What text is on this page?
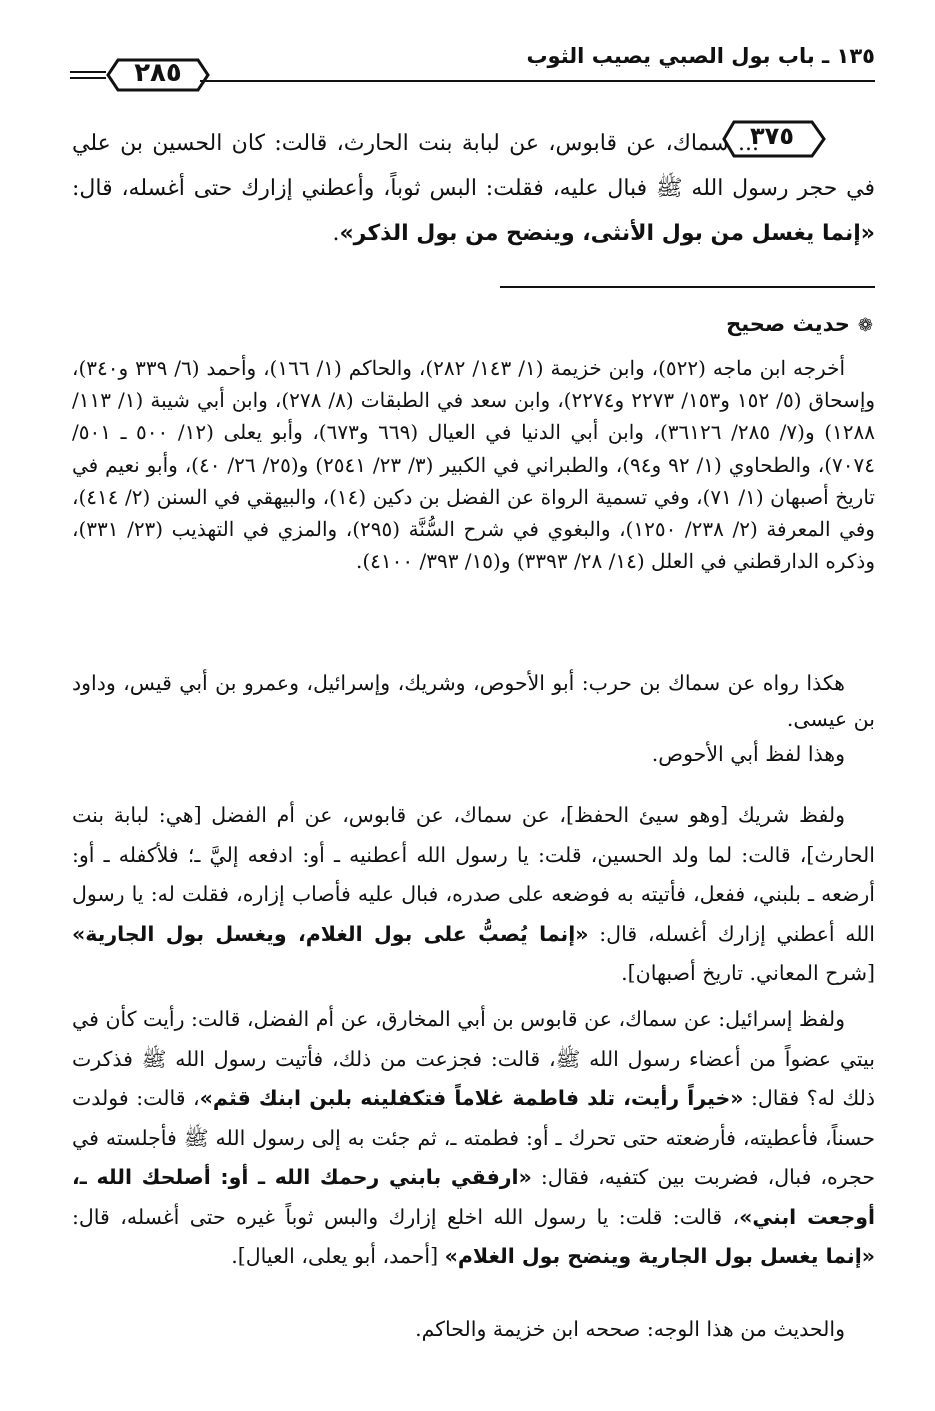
١٣٥ ـ باب بول الصبي يصيب الثوب
٢٨٥
٣٧٥
... سماك، عن قابوس، عن لبابة بنت الحارث، قالت: كان الحسين بن علي في حجر رسول الله ﷺ فبال عليه، فقلت: البس ثوباً، وأعطني إزارك حتى أغسله، قال: «إنما يغسل من بول الأنثى، وينضح من بول الذكر».
❁حديث صحيح
أخرجه ابن ماجه (٥٢٢)، وابن خزيمة (١/ ١٤٣/ ٢٨٢)، والحاكم (١/ ١٦٦)، وأحمد (٦/ ٣٣٩ و٣٤٠)، وإسحاق (٥/ ١٥٢ و١٥٣/ ٢٢٧٣ و٢٢٧٤)، وابن سعد في الطبقات (٨/ ٢٧٨)، وابن أبي شيبة (١/ ١١٣/ ١٢٨٨) و(٧/ ٢٨٥/ ٣٦١٢٦)، وابن أبي الدنيا في العيال (٦٦٩ و٦٧٣)، وأبو يعلى (١٢/ ٥٠٠ ـ ٥٠١/ ٧٠٧٤)، والطحاوي (١/ ٩٢ و٩٤)، والطبراني في الكبير (٣/ ٢٣/ ٢٥٤١) و(٢٥/ ٢٦/ ٤٠)، وأبو نعيم في تاريخ أصبهان (١/ ٧١)، وفي تسمية الرواة عن الفضل بن دكين (١٤)، والبيهقي في السنن (٢/ ٤١٤)، وفي المعرفة (٢/ ٢٣٨/ ١٢٥٠)، والبغوي في شرح السُّنَّة (٢٩٥)، والمزي في التهذيب (٢٣/ ٣٣١)، وذكره الدارقطني في العلل (١٤/ ٢٨/ ٣٣٩٣) و(١٥/ ٣٩٣/ ٤١٠٠).
هكذا رواه عن سماك بن حرب: أبو الأحوص، وشريك، وإسرائيل، وعمرو بن أبي قيس، وداود بن عيسى.
وهذا لفظ أبي الأحوص.
ولفظ شريك [وهو سيئ الحفظ]، عن سماك، عن قابوس، عن أم الفضل [هي: لبابة بنت الحارث]، قالت: لما ولد الحسين، قلت: يا رسول الله أعطنيه ـ أو: ادفعه إليَّ ـ؛ فلأكفله ـ أو: أرضعه ـ بلبني، ففعل، فأتيته به فوضعه على صدره، فبال عليه فأصاب إزاره، فقلت له: يا رسول الله أعطني إزارك أغسله، قال: «إنما يُصبُّ على بول الغلام، ويغسل بول الجارية» [شرح المعاني. تاريخ أصبهان].
ولفظ إسرائيل: عن سماك، عن قابوس بن أبي المخارق، عن أم الفضل، قالت: رأيت كأن في بيتي عضواً من أعضاء رسول الله ﷺ، قالت: فجزعت من ذلك، فأتيت رسول الله ﷺ فذكرت ذلك له؟ فقال: «خيراً رأيت، تلد فاطمة غلاماً فتكفلينه بلبن ابنك قثم»، قالت: فولدت حسناً، فأعطيته، فأرضعته حتى تحرك ـ أو: فطمته ـ، ثم جئت به إلى رسول الله ﷺ فأجلسته في حجره، فبال، فضربت بين كتفيه، فقال: «ارفقي بابني رحمك الله ـ أو: أصلحك الله ـ، أوجعت ابني»، قالت: قلت: يا رسول الله اخلع إزارك والبس ثوباً غيره حتى أغسله، قال: «إنما يغسل بول الجارية وينضح بول الغلام» [أحمد، أبو يعلى، العيال].
والحديث من هذا الوجه: صححه ابن خزيمة والحاكم.
